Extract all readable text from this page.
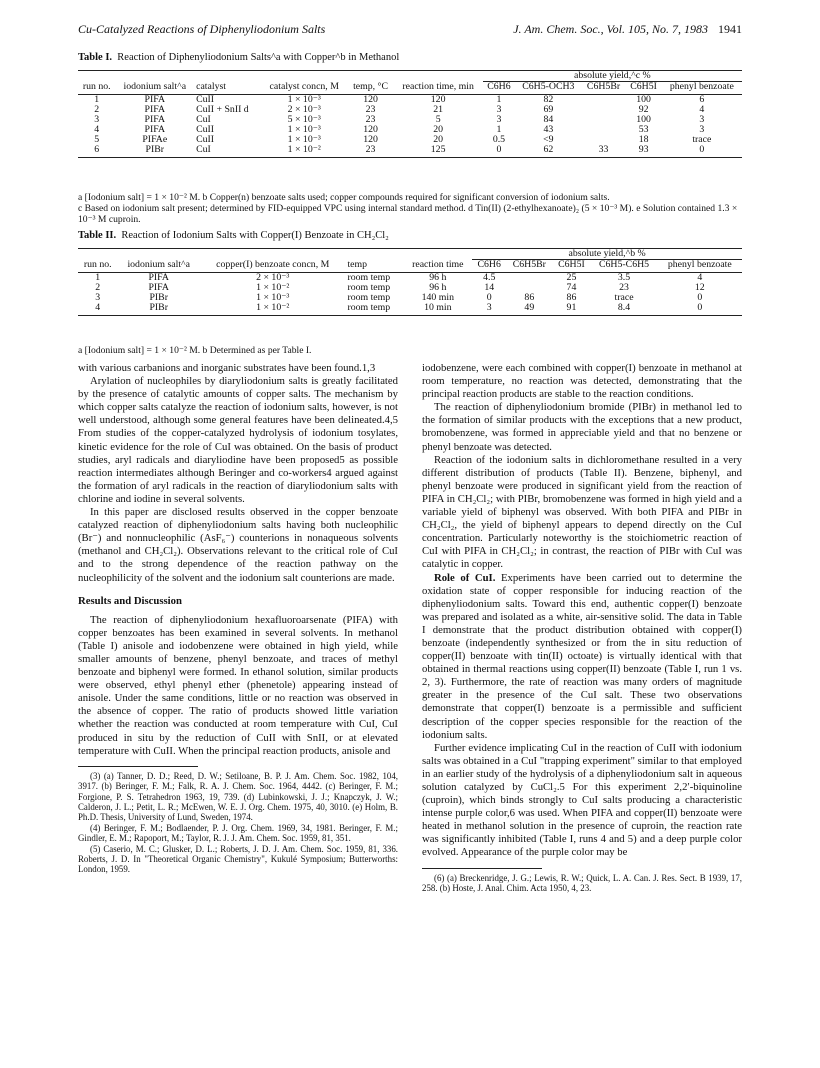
Cu-Catalyzed Reactions of Diphenyliodonium Salts	J. Am. Chem. Soc., Vol. 105, No. 7, 1983 1941
Table I. Reaction of Diphenyliodonium Salts^a with Copper^b in Methanol
						absolute yield,^c %				
run no.	iodonium salt^a	catalyst	catalyst concn, M	temp, °C	reaction time, min	C6H6	C6H5-OCH3	C6H5Br	C6H5I	phenyl benzoate
1	PIFA	CuII	1 × 10⁻³	120	120	1	82		100	6
2	PIFA	CuII + SnII d	2 × 10⁻³	23	21	3	69		92	4
3	PIFA	CuI	5 × 10⁻³	23	5	3	84		100	3
4	PIFA	CuII	1 × 10⁻³	120	20	1	43		53	3
5	PIFAe	CuII	1 × 10⁻³	120	20	0.5	<9		18	trace
6	PIBr	CuI	1 × 10⁻²	23	125	0	62	33	93	0
a [Iodonium salt] = 1 × 10⁻² M. b Copper(n) benzoate salts used; copper compounds required for significant conversion of iodonium salts.
c Based on iodonium salt present; determined by FID-equipped VPC using internal standard method. d Tin(II) (2-ethylhexanoate)₂ (5 × 10⁻³ M). e Solution contained 1.3 × 10⁻³ M cuproin.
Table II. Reaction of Iodonium Salts with Copper(I) Benzoate in CH₂Cl₂
					absolute yield,^b %				
run no.	iodonium salt^a	copper(I) benzoate concn, M	temp	reaction time	C6H6	C6H5Br	C6H5I	C6H5-C6H5	phenyl benzoate
1	PIFA	2 × 10⁻³	room temp	96 h	4.5		25	3.5	4
2	PIFA	1 × 10⁻²	room temp	96 h	14		74	23	12
3	PIBr	1 × 10⁻³	room temp	140 min	0	86	86	trace	0
4	PIBr	1 × 10⁻²	room temp	10 min	3	49	91	8.4	0
a [Iodonium salt] = 1 × 10⁻² M. b Determined as per Table I.

with various carbanions and inorganic substrates have been found.1,3

Arylation of nucleophiles by diaryliodonium salts is greatly facilitated by the presence of catalytic amounts of copper salts. The mechanism by which copper salts catalyze the reaction of iodonium salts, however, is not well understood, although some general features have been delineated.4,5 From studies of the copper-catalyzed hydrolysis of iodonium tosylates, kinetic evidence for the role of CuI was obtained. On the basis of product studies, aryl radicals and diaryliodine have been proposed5 as possible reaction intermediates although Beringer and co-workers4 argued against the formation of aryl radicals in the reaction of diaryliodonium salts with chlorine and iodine in several solvents.

In this paper are disclosed results observed in the copper benzoate catalyzed reaction of diphenyliodonium salts having both nucleophilic (Br⁻) and nonnucleophilic (AsF₆⁻) counterions in nonaqueous solvents (methanol and CH₂Cl₂). Observations relevant to the critical role of CuI and to the strong dependence of the reaction pathway on the nucleophilicity of the solvent and the iodonium salt counterions are made.

Results and Discussion

The reaction of diphenyliodonium hexafluoroarsenate (PIFA) with copper benzoates has been examined in several solvents. In methanol (Table I) anisole and iodobenzene were obtained in high yield, while smaller amounts of benzene, phenyl benzoate, and traces of methyl benzoate and biphenyl were formed. In ethanol solution, similar products were observed, ethyl phenyl ether (phenetole) appearing instead of anisole. Under the same conditions, little or no reaction was observed in the absence of copper. The ratio of products showed little variation whether the reaction was conducted at room temperature with CuI, CuI produced in situ by the reduction of CuII with SnII, or at elevated temperature with CuII. When the principal reaction products, anisole and

(3) (a) Tanner, D. D.; Reed, D. W.; Setiloane, B. P. J. Am. Chem. Soc. 1982, 104, 3917. (b) Beringer, F. M.; Falk, R. A. J. Chem. Soc. 1964, 4442. (c) Beringer, F. M.; Forgione, P. S. Tetrahedron 1963, 19, 739. (d) Lubinkowski, J. J.; Knapczyk, J. W.; Calderon, J. L.; Petit, L. R.; McEwen, W. E. J. Org. Chem. 1975, 40, 3010. (e) Holm, B. Ph.D. Thesis, University of Lund, Sweden, 1974.

(4) Beringer, F. M.; Bodlaender, P. J. Org. Chem. 1969, 34, 1981. Beringer, F. M.; Gindler, E. M.; Rapoport, M.; Taylor, R. J. J. Am. Chem. Soc. 1959, 81, 351.

(5) Caserio, M. C.; Glusker, D. L.; Roberts, J. D. J. Am. Chem. Soc. 1959, 81, 336. Roberts, J. D. In "Theoretical Organic Chemistry", Kukulé Symposium; Butterworths: London, 1959.

iodobenzene, were each combined with copper(I) benzoate in methanol at room temperature, no reaction was detected, demonstrating that the principal reaction products are stable to the reaction conditions.

The reaction of diphenyliodonium bromide (PIBr) in methanol led to the formation of similar products with the exceptions that a new product, bromobenzene, was formed in appreciable yield and that no benzene or phenyl benzoate was detected.

Reaction of the iodonium salts in dichloromethane resulted in a very different distribution of products (Table II). Benzene, biphenyl, and phenyl benzoate were produced in significant yield from the reaction of PIFA in CH₂Cl₂; with PIBr, bromobenzene was formed in high yield and a variable yield of biphenyl was observed. With both PIFA and PIBr in CH₂Cl₂, the yield of biphenyl appears to depend directly on the CuI concentration. Particularly noteworthy is the stoichiometric reaction of CuI with PIFA in CH₂Cl₂; in contrast, the reaction of PIBr with CuI was catalytic in copper.

Role of CuI. Experiments have been carried out to determine the oxidation state of copper responsible for inducing reaction of the diphenyliodonium salts. Toward this end, authentic copper(I) benzoate was prepared and isolated as a white, air-sensitive solid. The data in Table I demonstrate that the product distribution obtained with copper(I) benzoate (independently synthesized or from the in situ reduction of copper(II) benzoate with tin(II) octoate) is virtually identical with that obtained in thermal reactions using copper(II) benzoate (Table I, run 1 vs. 2, 3). Furthermore, the rate of reaction was many orders of magnitude greater in the presence of the CuI salt. These two observations demonstrate that copper(I) benzoate is a permissible and sufficient description of the copper species responsible for the reaction of the iodonium salts.

Further evidence implicating CuI in the reaction of CuII with iodonium salts was obtained in a CuI "trapping experiment" similar to that employed in an earlier study of the hydrolysis of a diphenyliodonium salt in aqueous solution catalyzed by CuCl₂.5 For this experiment 2,2′-biquinoline (cuproin), which binds strongly to CuI salts producing a characteristic intense purple color,6 was used. When PIFA and copper(II) benzoate were heated in methanol solution in the presence of cuproin, the reaction rate was significantly inhibited (Table I, runs 4 and 5) and a deep purple color evolved. Appearance of the purple color may be

(6) (a) Breckenridge, J. G.; Lewis, R. W.; Quick, L. A. Can. J. Res. Sect. B 1939, 17, 258. (b) Hoste, J. Anal. Chim. Acta 1950, 4, 23.
